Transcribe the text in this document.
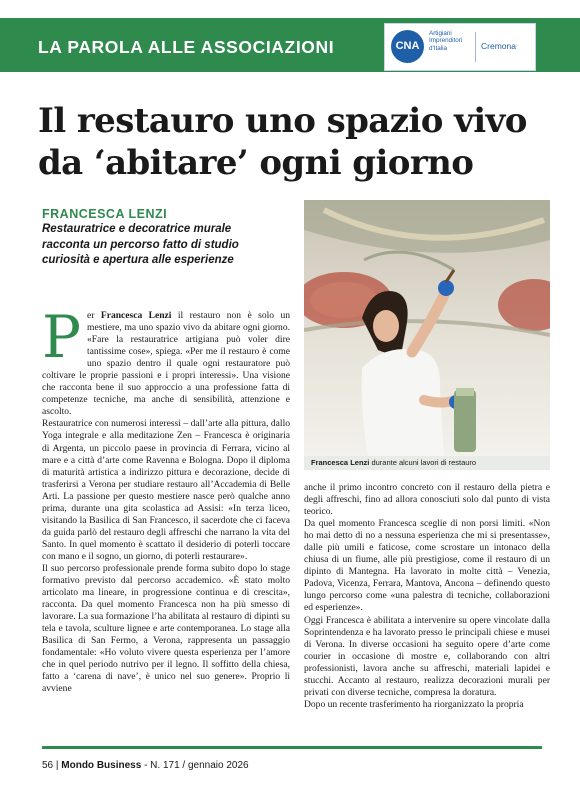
LA PAROLA ALLE ASSOCIAZIONI	CNA
Artigiani
Imprenditori
d'Italia	Cremona
Il restauro uno spazio vivo da ‘abitare’ ogni giorno
FRANCESCA LENZI
Restauratrice e decoratrice murale racconta un percorso fatto di studio curiosità e apertura alle esperienze
Francesca Lenzi durante alcuni lavori di restauro

Per Francesca Lenzi il restauro non è solo un mestiere, ma uno spazio vivo da abitare ogni giorno. «Fare la restauratrice artigiana può voler dire tantissime cose», spiega. «Per me il restauro è come uno spazio dentro il quale ogni restauratore può coltivare le proprie passioni e i propri interessi». Una visione che racconta bene il suo approccio a una professione fatta di competenze tecniche, ma anche di sensibilità, attenzione e ascolto.

Restauratrice con numerosi interessi – dall’arte alla pittura, dallo Yoga integrale e alla meditazione Zen – Francesca è originaria di Argenta, un piccolo paese in provincia di Ferrara, vicino al mare e a città d’arte come Ravenna e Bologna. Dopo il diploma di maturità artistica a indirizzo pittura e decorazione, decide di trasferirsi a Verona per studiare restauro all’Accademia di Belle Arti. La passione per questo mestiere nasce però qualche anno prima, durante una gita scolastica ad Assisi: «In terza liceo, visitando la Basilica di San Francesco, il sacerdote che ci faceva da guida parlò del restauro degli affreschi che narrano la vita del Santo. In quel momento è scattato il desiderio di poterli toccare con mano e il sogno, un giorno, di poterli restaurare».

Il suo percorso professionale prende forma subito dopo lo stage formativo previsto dal percorso accademico. «È stato molto articolato ma lineare, in progressione continua e di crescita», racconta. Da quel momento Francesca non ha più smesso di lavorare. La sua formazione l’ha abilitata al restauro di dipinti su tela e tavola, sculture lignee e arte contemporanea. Lo stage alla Basilica di San Fermo, a Verona, rappresenta un passaggio fondamentale: «Ho voluto vivere questa esperienza per l’amore che in quel periodo nutrivo per il legno. Il soffitto della chiesa, fatto a ‘carena di nave’, è unico nel suo genere». Proprio lì avviene

anche il primo incontro concreto con il restauro della pietra e degli affreschi, fino ad allora conosciuti solo dal punto di vista teorico.

Da quel momento Francesca sceglie di non porsi limiti. «Non ho mai detto di no a nessuna esperienza che mi si presentasse», dalle più umili e faticose, come scrostare un intonaco della chiusa di un fiume, alle più prestigiose, come il restauro di un dipinto di Mantegna. Ha lavorato in molte città – Venezia, Padova, Vicenza, Ferrara, Mantova, Ancona – definendo questo lungo percorso come «una palestra di tecniche, collaborazioni ed esperienze».

Oggi Francesca è abilitata a intervenire su opere vincolate dalla Soprintendenza e ha lavorato presso le principali chiese e musei di Verona. In diverse occasioni ha seguito opere d’arte come courier in occasione di mostre e, collaborando con altri professionisti, lavora anche su affreschi, materiali lapidei e stucchi. Accanto al restauro, realizza decorazioni murali per privati con diverse tecniche, compresa la doratura.

Dopo un recente trasferimento ha riorganizzato la propria

56 | Mondo Business - N. 171 / gennaio 2026
